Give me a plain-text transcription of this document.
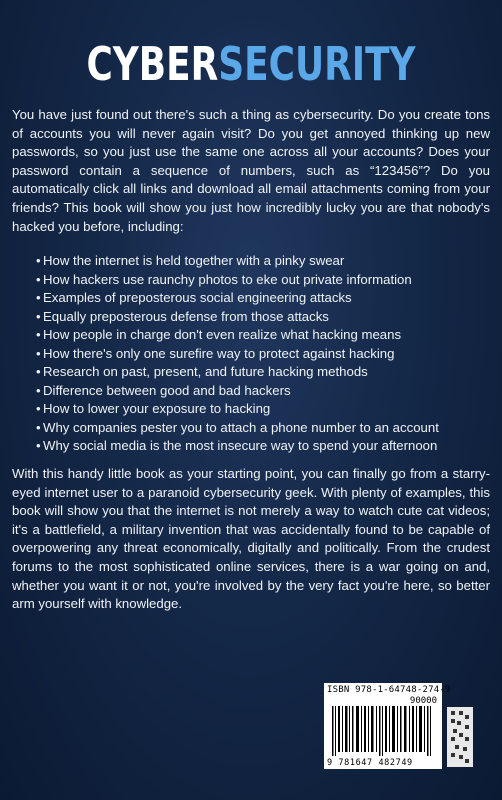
CYBERSECURITY

You have just found out there's such a thing as cybersecurity. Do you create tons of accounts you will never again visit? Do you get annoyed thinking up new passwords, so you just use the same one across all your accounts? Does your password contain a sequence of numbers, such as “123456”? Do you automatically click all links and download all email attachments coming from your friends? This book will show you just how incredibly lucky you are that nobody's hacked you before, including:

• How the internet is held together with a pinky swear
• How hackers use raunchy photos to eke out private information
• Examples of preposterous social engineering attacks
• Equally preposterous defense from those attacks
• How people in charge don't even realize what hacking means
• How there's only one surefire way to protect against hacking
• Research on past, present, and future hacking methods
• Difference between good and bad hackers
• How to lower your exposure to hacking
• Why companies pester you to attach a phone number to an account
• Why social media is the most insecure way to spend your afternoon

With this handy little book as your starting point, you can finally go from a starry-eyed internet user to a paranoid cybersecurity geek. With plenty of examples, this book will show you that the internet is not merely a way to watch cute cat videos; it's a battlefield, a military invention that was accidentally found to be capable of overpowering any threat economically, digitally and politically. From the crudest forums to the most sophisticated online services, there is a war going on and, whether you want it or not, you're involved by the very fact you're here, so better arm yourself with knowledge.

ISBN 978-1-64748-274-9
90000
9 781647 482749
